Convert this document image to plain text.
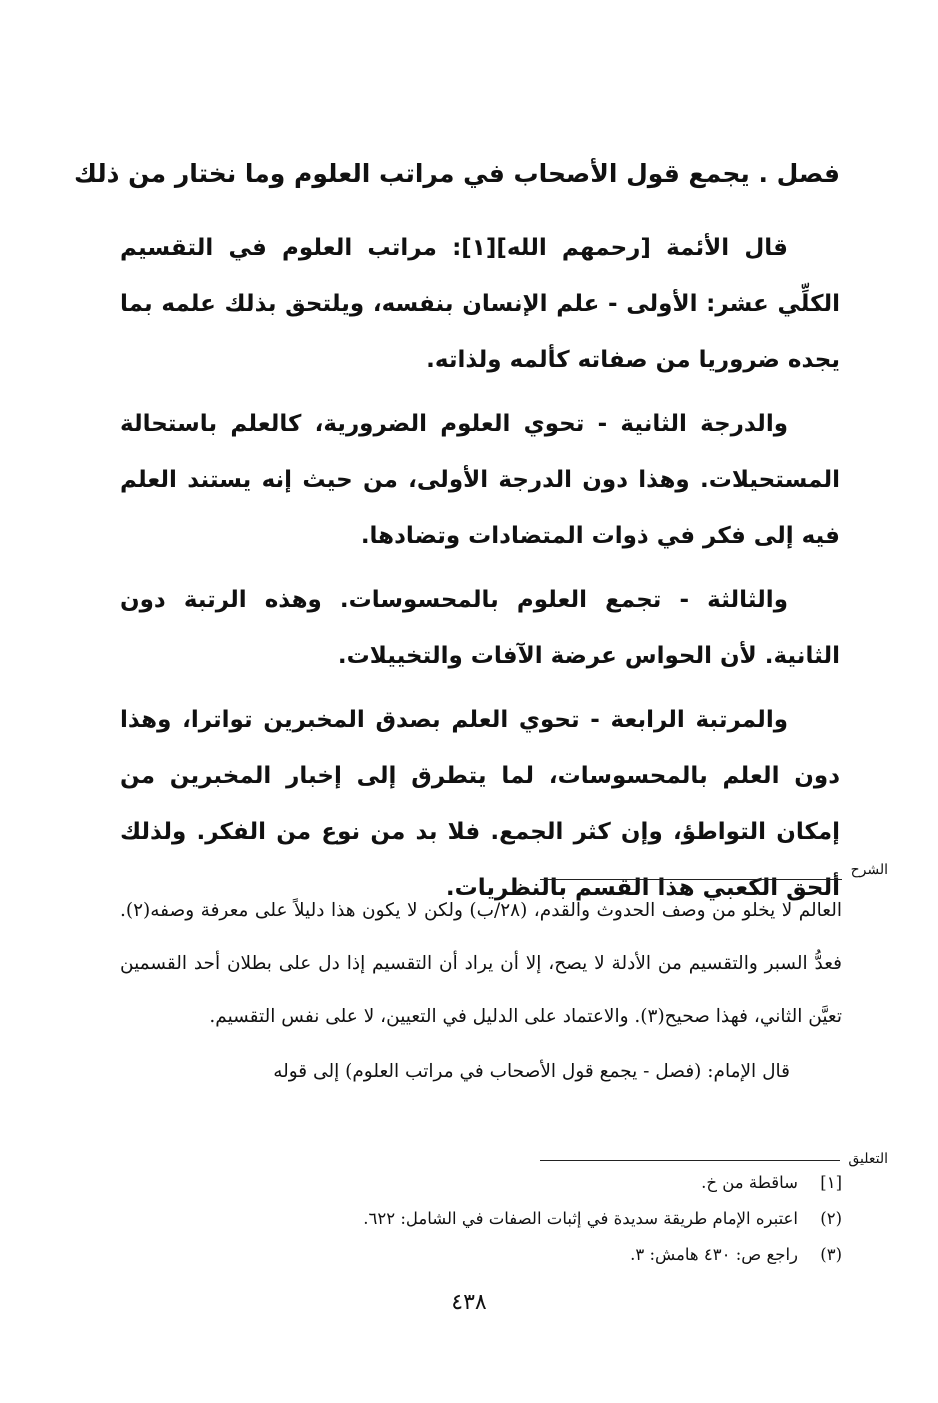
فصل . يجمع قول الأصحاب في مراتب العلوم وما نختار من ذلك

قال الأئمة [رحمهم الله][١]: مراتب العلوم في التقسيم الكلِّي عشر: الأولى - علم الإنسان بنفسه، ويلتحق بذلك علمه بما يجده ضروريا من صفاته كألمه ولذاته.

والدرجة الثانية - تحوي العلوم الضرورية، كالعلم باستحالة المستحيلات. وهذا دون الدرجة الأولى، من حيث إنه يستند العلم فيه إلى فكر في ذوات المتضادات وتضادها.

والثالثة - تجمع العلوم بالمحسوسات. وهذه الرتبة دون الثانية. لأن الحواس عرضة الآفات والتخييلات.

والمرتبة الرابعة - تحوي العلم بصدق المخبرين تواترا، وهذا دون العلم بالمحسوسات، لما يتطرق إلى إخبار المخبرين من إمكان التواطؤ، وإن كثر الجمع. فلا بد من نوع من الفكر. ولذلك ألحق الكعبي هذا القسم بالنظريات.

الشرح

العالم لا يخلو من وصف الحدوث والقدم، (٢٨/ب) ولكن لا يكون هذا دليلاً على معرفة وصفه(٢). فعدُّ السبر والتقسيم من الأدلة لا يصح، إلا أن يراد أن التقسيم إذا دل على بطلان أحد القسمين تعيَّن الثاني، فهذا صحيح(٣). والاعتماد على الدليل في التعيين، لا على نفس التقسيم.

قال الإمام: (فصل - يجمع قول الأصحاب في مراتب العلوم) إلى قوله

التعليق
[١]
ساقطة من خ.
(٢)
اعتبره الإمام طريقة سديدة في إثبات الصفات في الشامل: ٦٢٢.
(٣)
راجع ص: ٤٣٠ هامش: ٣.
٤٣٨
